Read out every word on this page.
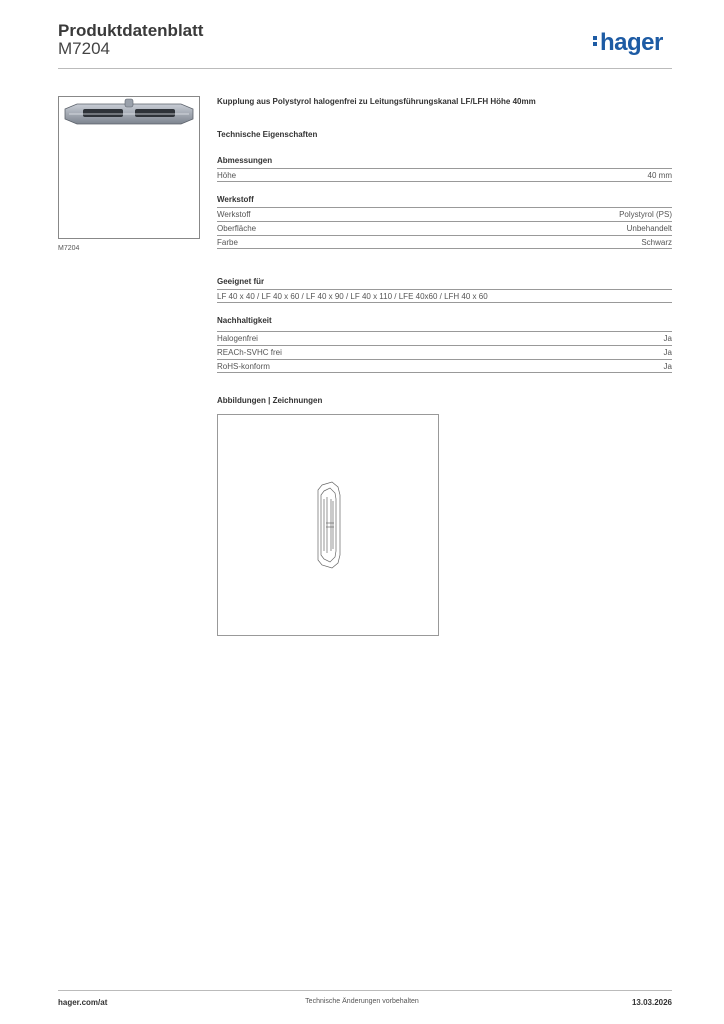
Produktdatenblatt
M7204	hager
M7204
Kupplung aus Polystyrol halogenfrei zu Leitungsführungskanal LF/LFH Höhe 40mm
Technische Eigenschaften
Abmessungen
Höhe	40 mm
Werkstoff
Werkstoff	Polystyrol (PS)
Oberfläche	Unbehandelt
Farbe	Schwarz
Geeignet für
LF 40 x 40 / LF 40 x 60 / LF 40 x 90 / LF 40 x 110 / LFE 40x60 / LFH 40 x 60
Nachhaltigkeit
Halogenfrei	Ja
REACh-SVHC frei	Ja
RoHS-konform	Ja
Abbildungen | Zeichnungen
hager.com/at	Technische Änderungen vorbehalten	13.03.2026
